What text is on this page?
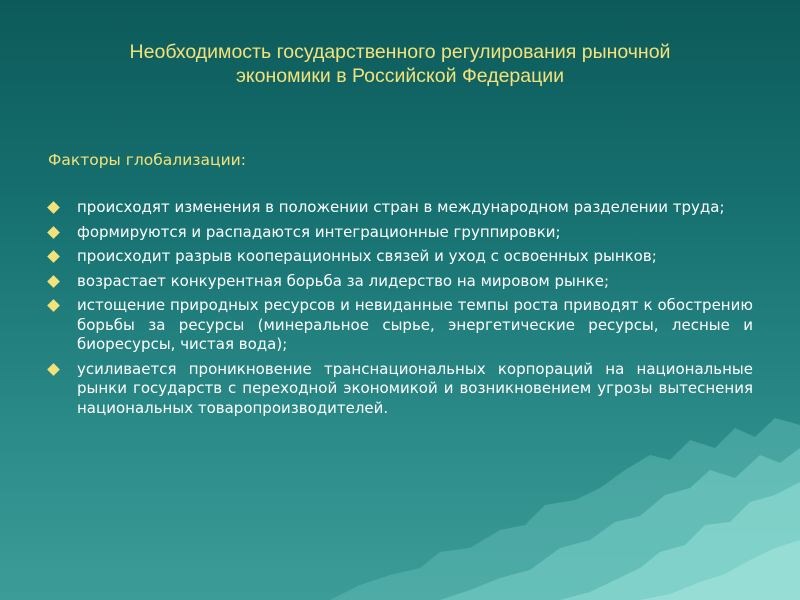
Необходимость государственного регулирования рыночной
экономики в Российской Федерации

Факторы глобализации:

происходят изменения в положении стран в международном разделении труда;
формируются и распадаются интеграционные группировки;
происходит разрыв кооперационных связей и уход с освоенных рынков;
возрастает конкурентная борьба за лидерство на мировом рынке;
истощение природных ресурсов и невиданные темпы роста приводят к обострению борьбы за ресурсы (минеральное сырье, энергетические ресурсы, лесные и биоресурсы, чистая вода);
усиливается проникновение транснациональных корпораций на национальные рынки государств с переходной экономикой и возникновением угрозы вытеснения национальных товаропроизводителей.
